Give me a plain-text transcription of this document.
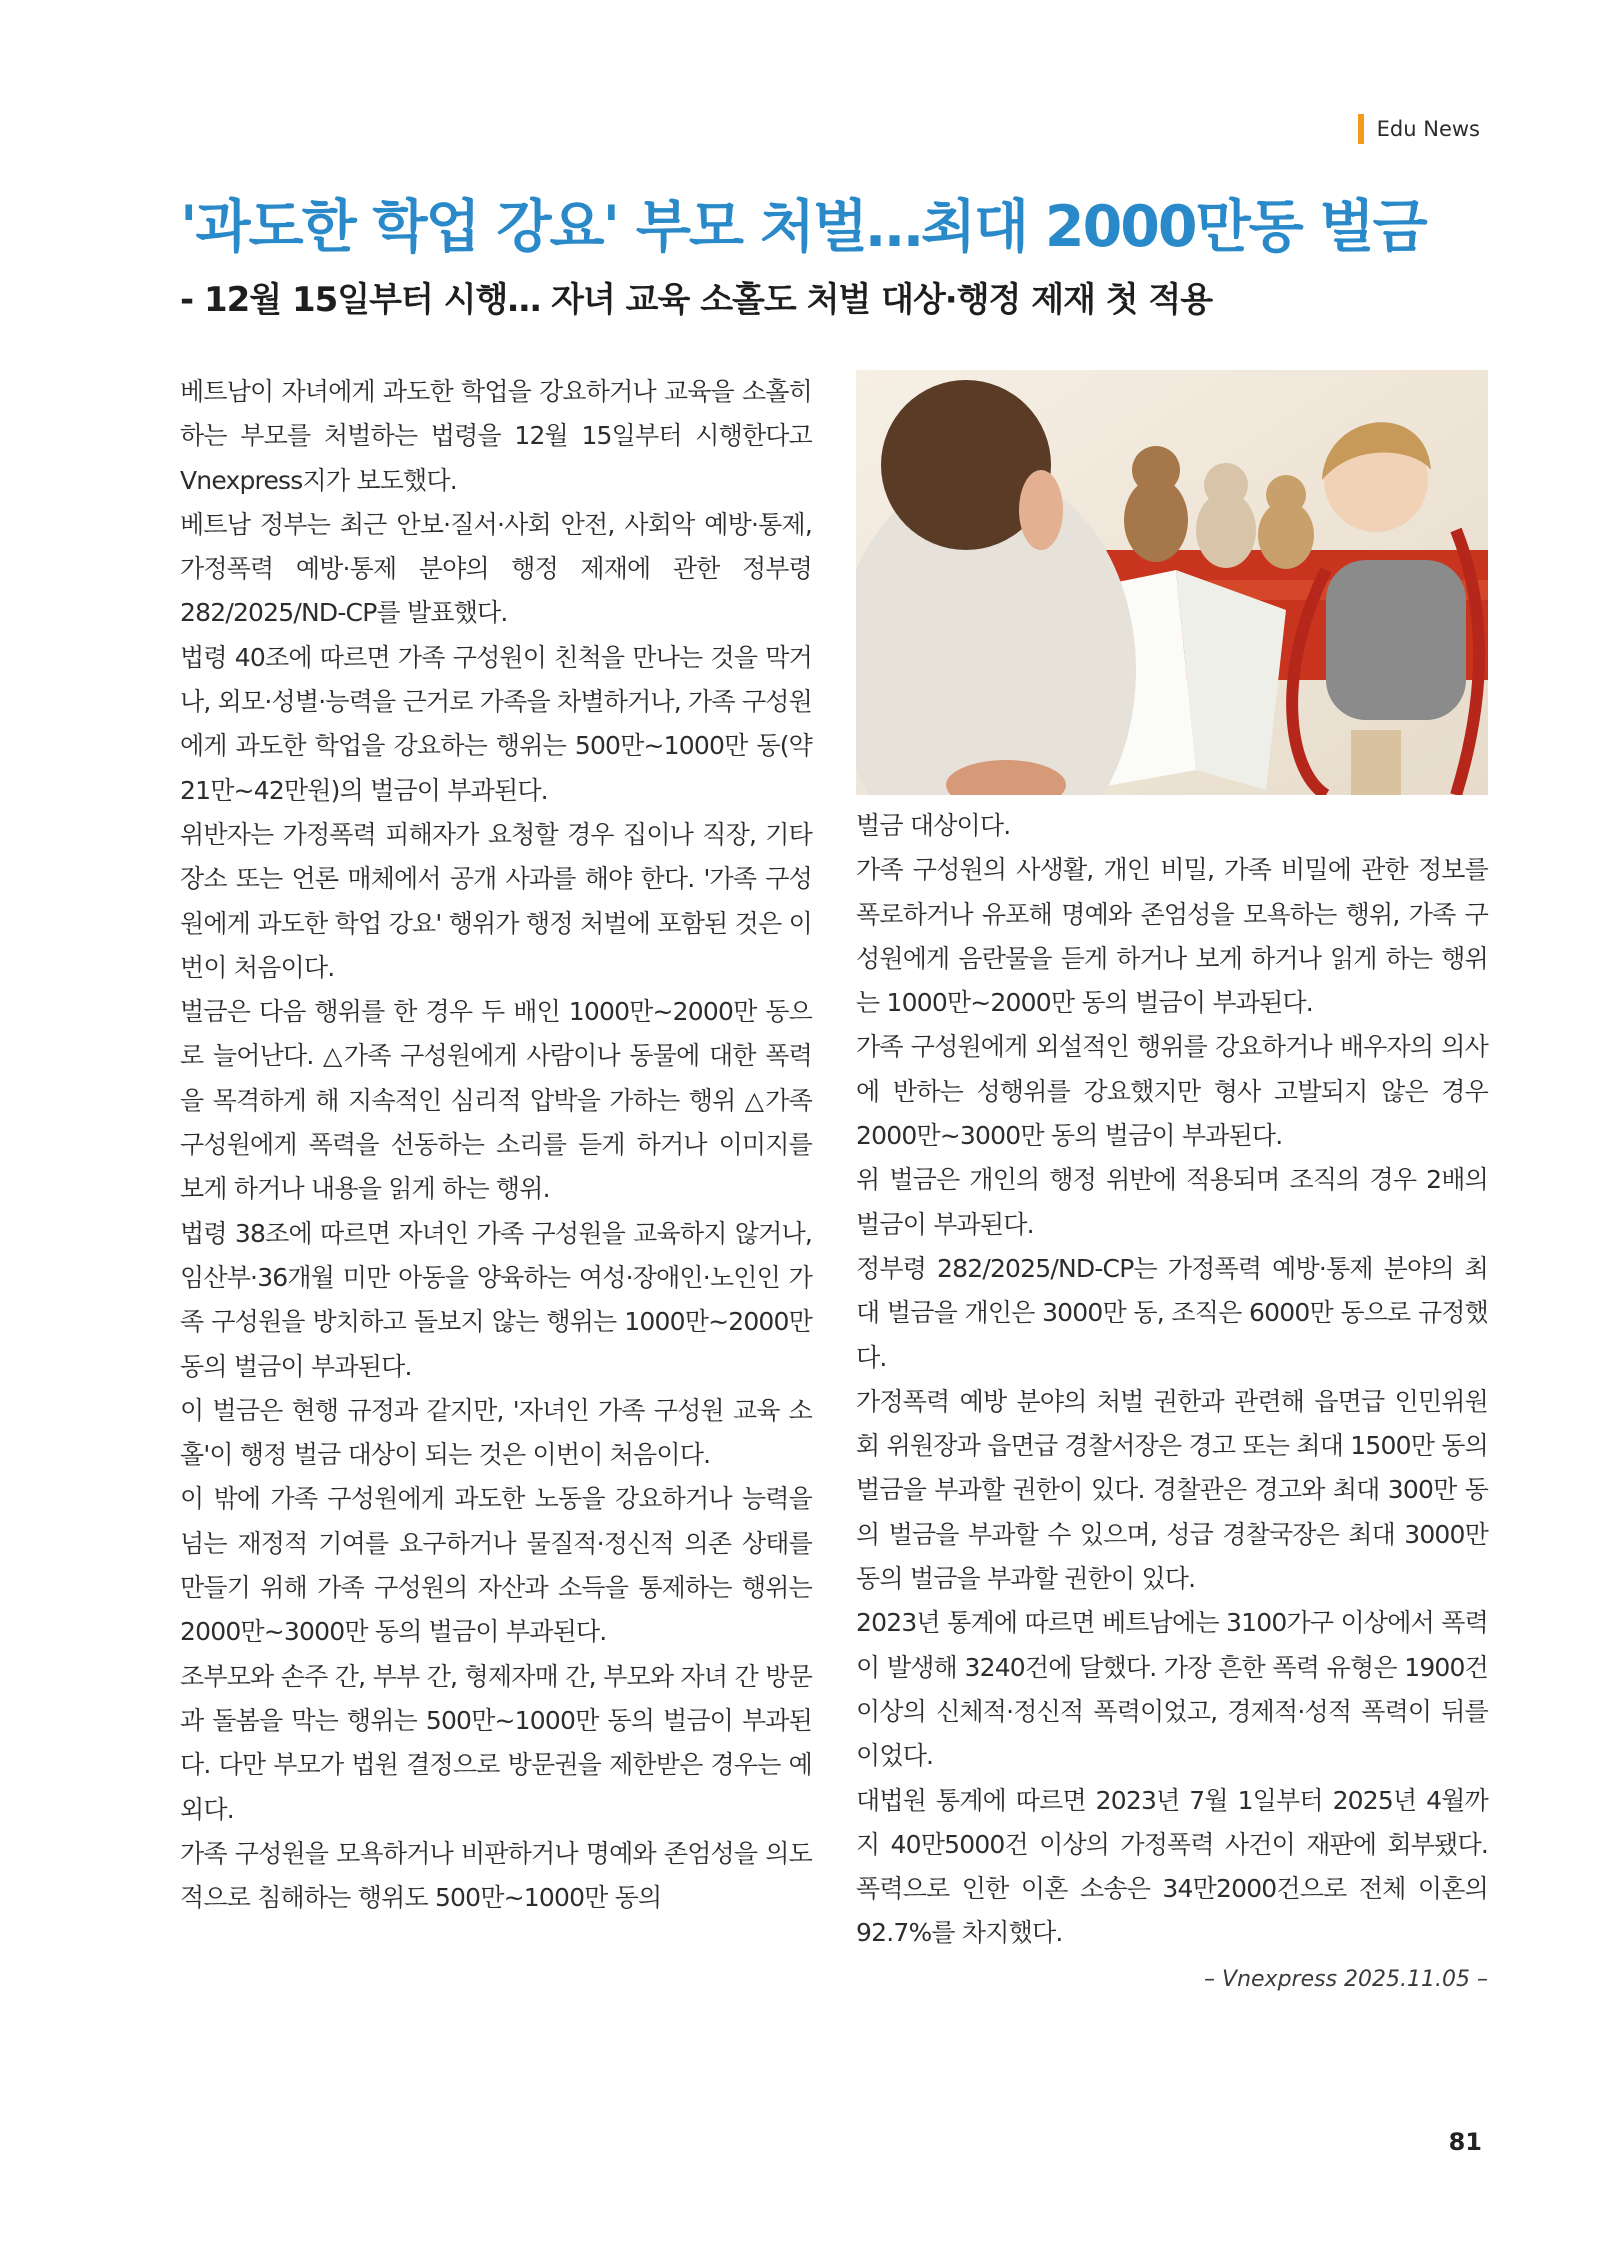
Edu News
'과도한 학업 강요' 부모 처벌…최대 2000만동 벌금
- 12월 15일부터 시행… 자녀 교육 소홀도 처벌 대상·행정 제재 첫 적용

베트남이 자녀에게 과도한 학업을 강요하거나 교육을 소홀히 하는 부모를 처벌하는 법령을 12월 15일부터 시행한다고 Vnexpress지가 보도했다.

베트남 정부는 최근 안보·질서·사회 안전, 사회악 예방·통제, 가정폭력 예방·통제 분야의 행정 제재에 관한 정부령 282/2025/ND-CP를 발표했다.

법령 40조에 따르면 가족 구성원이 친척을 만나는 것을 막거나, 외모·성별·능력을 근거로 가족을 차별하거나, 가족 구성원에게 과도한 학업을 강요하는 행위는 500만~1000만 동(약 21만~42만원)의 벌금이 부과된다.

위반자는 가정폭력 피해자가 요청할 경우 집이나 직장, 기타 장소 또는 언론 매체에서 공개 사과를 해야 한다. '가족 구성원에게 과도한 학업 강요' 행위가 행정 처벌에 포함된 것은 이번이 처음이다.

벌금은 다음 행위를 한 경우 두 배인 1000만~2000만 동으로 늘어난다. △가족 구성원에게 사람이나 동물에 대한 폭력을 목격하게 해 지속적인 심리적 압박을 가하는 행위 △가족 구성원에게 폭력을 선동하는 소리를 듣게 하거나 이미지를 보게 하거나 내용을 읽게 하는 행위.

법령 38조에 따르면 자녀인 가족 구성원을 교육하지 않거나, 임산부·36개월 미만 아동을 양육하는 여성·장애인·노인인 가족 구성원을 방치하고 돌보지 않는 행위는 1000만~2000만 동의 벌금이 부과된다.

이 벌금은 현행 규정과 같지만, '자녀인 가족 구성원 교육 소홀'이 행정 벌금 대상이 되는 것은 이번이 처음이다.

이 밖에 가족 구성원에게 과도한 노동을 강요하거나 능력을 넘는 재정적 기여를 요구하거나 물질적·정신적 의존 상태를 만들기 위해 가족 구성원의 자산과 소득을 통제하는 행위는 2000만~3000만 동의 벌금이 부과된다.

조부모와 손주 간, 부부 간, 형제자매 간, 부모와 자녀 간 방문과 돌봄을 막는 행위는 500만~1000만 동의 벌금이 부과된다. 다만 부모가 법원 결정으로 방문권을 제한받은 경우는 예외다.

가족 구성원을 모욕하거나 비판하거나 명예와 존엄성을 의도적으로 침해하는 행위도 500만~1000만 동의

벌금 대상이다.

가족 구성원의 사생활, 개인 비밀, 가족 비밀에 관한 정보를 폭로하거나 유포해 명예와 존엄성을 모욕하는 행위, 가족 구성원에게 음란물을 듣게 하거나 보게 하거나 읽게 하는 행위는 1000만~2000만 동의 벌금이 부과된다.

가족 구성원에게 외설적인 행위를 강요하거나 배우자의 의사에 반하는 성행위를 강요했지만 형사 고발되지 않은 경우 2000만~3000만 동의 벌금이 부과된다.

위 벌금은 개인의 행정 위반에 적용되며 조직의 경우 2배의 벌금이 부과된다.

정부령 282/2025/ND-CP는 가정폭력 예방·통제 분야의 최대 벌금을 개인은 3000만 동, 조직은 6000만 동으로 규정했다.

가정폭력 예방 분야의 처벌 권한과 관련해 읍면급 인민위원회 위원장과 읍면급 경찰서장은 경고 또는 최대 1500만 동의 벌금을 부과할 권한이 있다. 경찰관은 경고와 최대 300만 동의 벌금을 부과할 수 있으며, 성급 경찰국장은 최대 3000만 동의 벌금을 부과할 권한이 있다.

2023년 통계에 따르면 베트남에는 3100가구 이상에서 폭력이 발생해 3240건에 달했다. 가장 흔한 폭력 유형은 1900건 이상의 신체적·정신적 폭력이었고, 경제적·성적 폭력이 뒤를 이었다.

대법원 통계에 따르면 2023년 7월 1일부터 2025년 4월까지 40만5000건 이상의 가정폭력 사건이 재판에 회부됐다. 폭력으로 인한 이혼 소송은 34만2000건으로 전체 이혼의 92.7%를 차지했다.

– Vnexpress 2025.11.05 –
81
